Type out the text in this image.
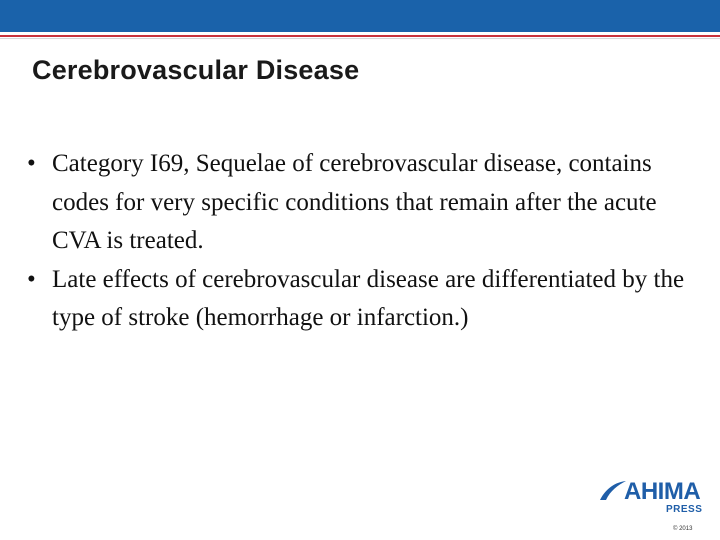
Cerebrovascular Disease
• Category I69, Sequelae of cerebrovascular disease, contains codes for very specific conditions that remain after the acute CVA is treated.
• Late effects of cerebrovascular disease are differentiated by the type of stroke (hemorrhage or infarction.)
AHIMA
PRESS
© 2013
